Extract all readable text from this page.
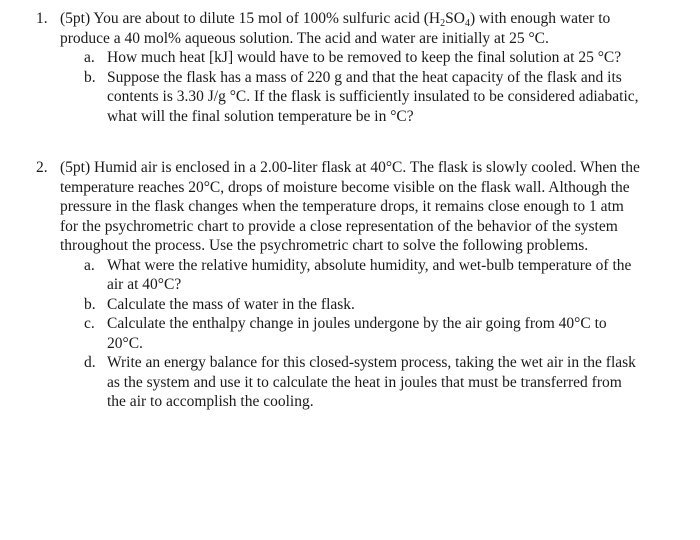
1. (5pt) You are about to dilute 15 mol of 100% sulfuric acid $(H_2SO_4)$ with enough water to
produce a 40 mol% aqueous solution. The acid and water are initially at 25 °C.
a. How much heat [kJ] would have to be removed to keep the final solution at 25 °C?
b. Suppose the flask has a mass of 220 g and that the heat capacity of the flask and its
contents is 3.30 J/g °C. If the flask is sufficiently insulated to be considered adiabatic,
what will the final solution temperature be in °C?
2. (5pt) Humid air is enclosed in a 2.00-liter flask at 40°C. The flask is slowly cooled. When the
temperature reaches 20°C, drops of moisture become visible on the flask wall. Although the
pressure in the flask changes when the temperature drops, it remains close enough to 1 atm
for the psychrometric chart to provide a close representation of the behavior of the system
throughout the process. Use the psychrometric chart to solve the following problems.
a. What were the relative humidity, absolute humidity, and wet-bulb temperature of the
air at 40°C?
b. Calculate the mass of water in the flask.
c. Calculate the enthalpy change in joules undergone by the air going from 40°C to
20°C.
d. Write an energy balance for this closed-system process, taking the wet air in the flask
as the system and use it to calculate the heat in joules that must be transferred from
the air to accomplish the cooling.
